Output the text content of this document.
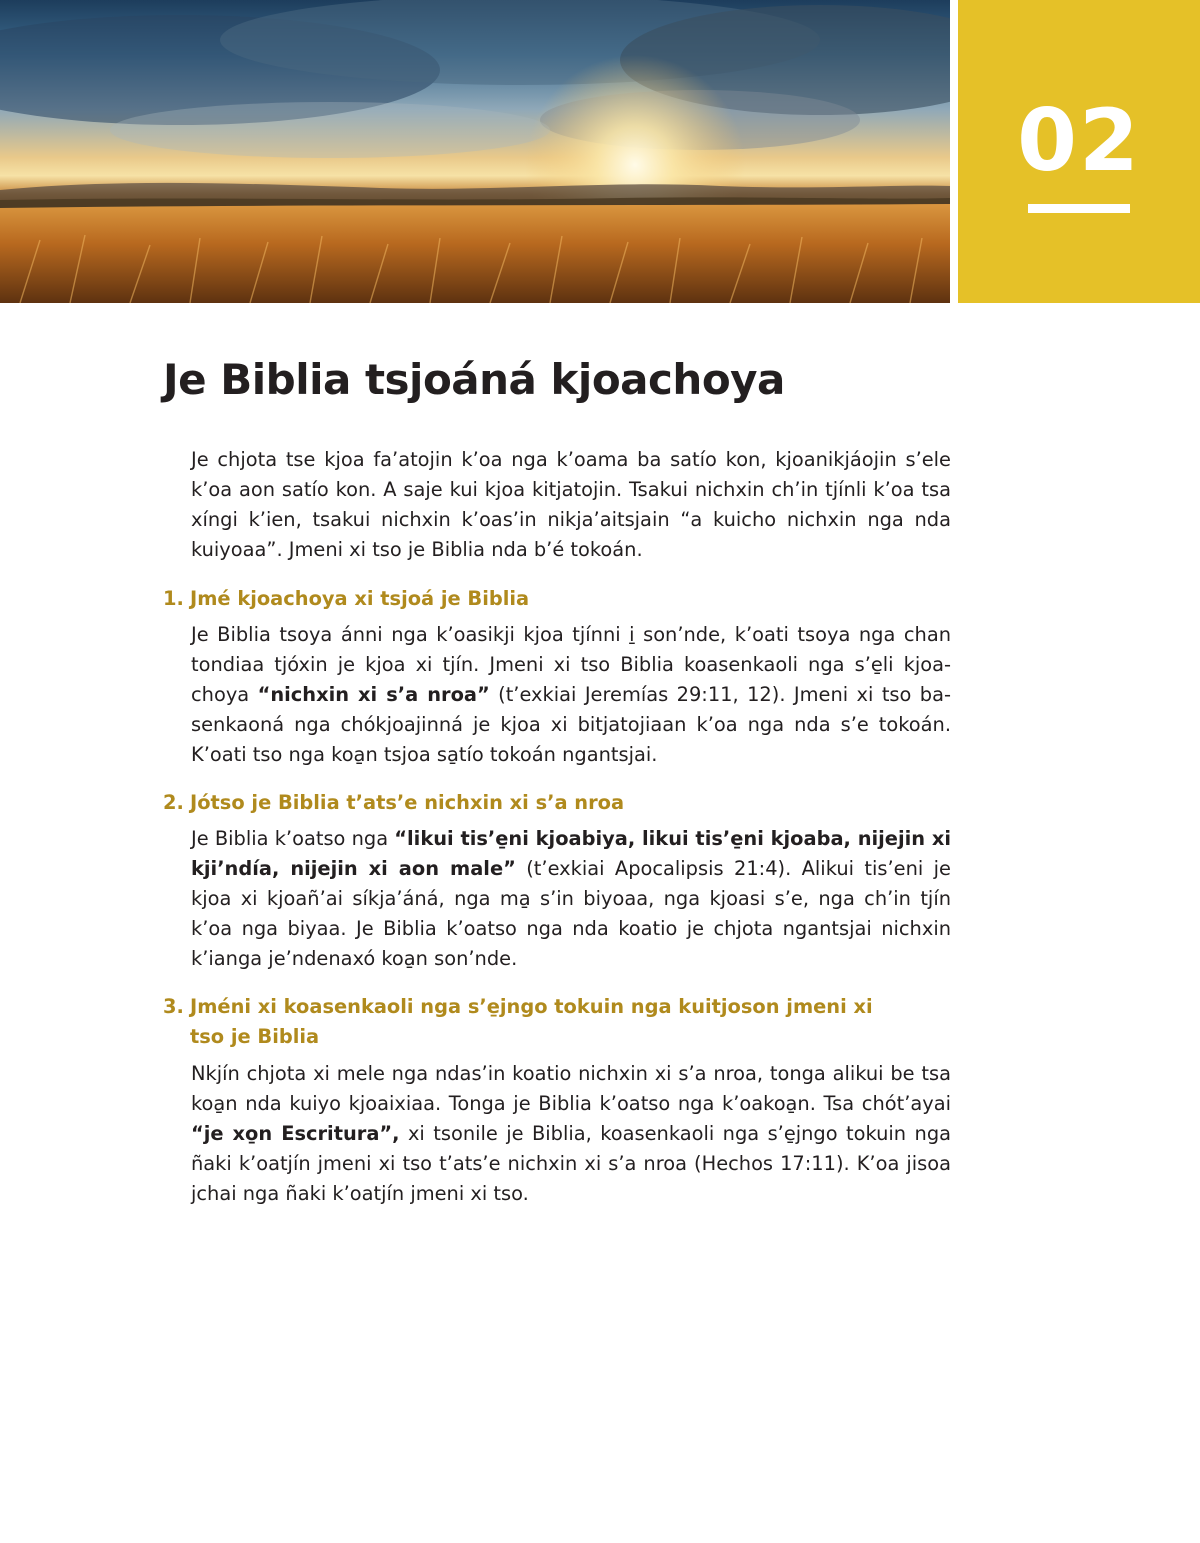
02
Je Biblia tsjoáná kjoachoya

Je chjota tse kjoa fa’atojin k’oa nga k’oama ba satío kon, kjoanikjáojin s’ele k’oa aon satío kon. A saje kui kjoa kitjatojin. Tsakui nichxin ch’in tjínli k’oa tsa xíngi k’ien, tsakui nichxin k’oas’in nikja’aitsjain “a kuicho nichxin nga nda kuiyoaa”. Jmeni xi tso je Biblia nda b’é tokoán.

1. Jmé kjoachoya xi tsjoá je Biblia

Je Biblia tsoya ánni nga k’oasikji kjoa tjínni i̱ son’nde, k’oati tsoya nga chan tondiaa tjóxin je kjoa xi tjín. Jmeni xi tso Biblia koasenkaoli nga s’e̱li kjoachoya “nichxin xi s’a nroa” (t’exkiai Jeremías 29:11, 12). Jmeni xi tso basenkaoná nga chókjoajinná je kjoa xi bitjatojiaan k’oa nga nda s’e tokoán. K’oati tso nga koa̱n tsjoa sa̱tío tokoán ngantsjai.

2. Jótso je Biblia t’ats’e nichxin xi s’a nroa

Je Biblia k’oatso nga “likui tis’e̱ni kjoabiya, likui tis’e̱ni kjoaba, nijejin xi kji’ndía, nijejin xi aon male” (t’exkiai Apocalipsis 21:4). Alikui tis’eni je kjoa xi kjoañ’ai síkja’áná, nga ma̱ s’in biyoaa, nga kjoasi s’e, nga ch’in tjín k’oa nga biyaa. Je Biblia k’oatso nga nda koatio je chjota ngantsjai nichxin k’ianga je’ndenaxó koa̱n son’nde.

3. Jméni xi koasenkaoli nga s’e̱jngo tokuin nga kuitjoson jmeni xi
tso je Biblia

Nkjín chjota xi mele nga ndas’in koatio nichxin xi s’a nroa, tonga alikui be tsa koa̱n nda kuiyo kjoaixiaa. Tonga je Biblia k’oatso nga k’oakoa̱n. Tsa chót’ayai “je xo̱n Escritura”, xi tsonile je Biblia, koasenkaoli nga s’e̱jngo tokuin nga ñaki k’oatjín jmeni xi tso t’ats’e nichxin xi s’a nroa (Hechos 17:11). K’oa jisoa jchai nga ñaki k’oatjín jmeni xi tso.
